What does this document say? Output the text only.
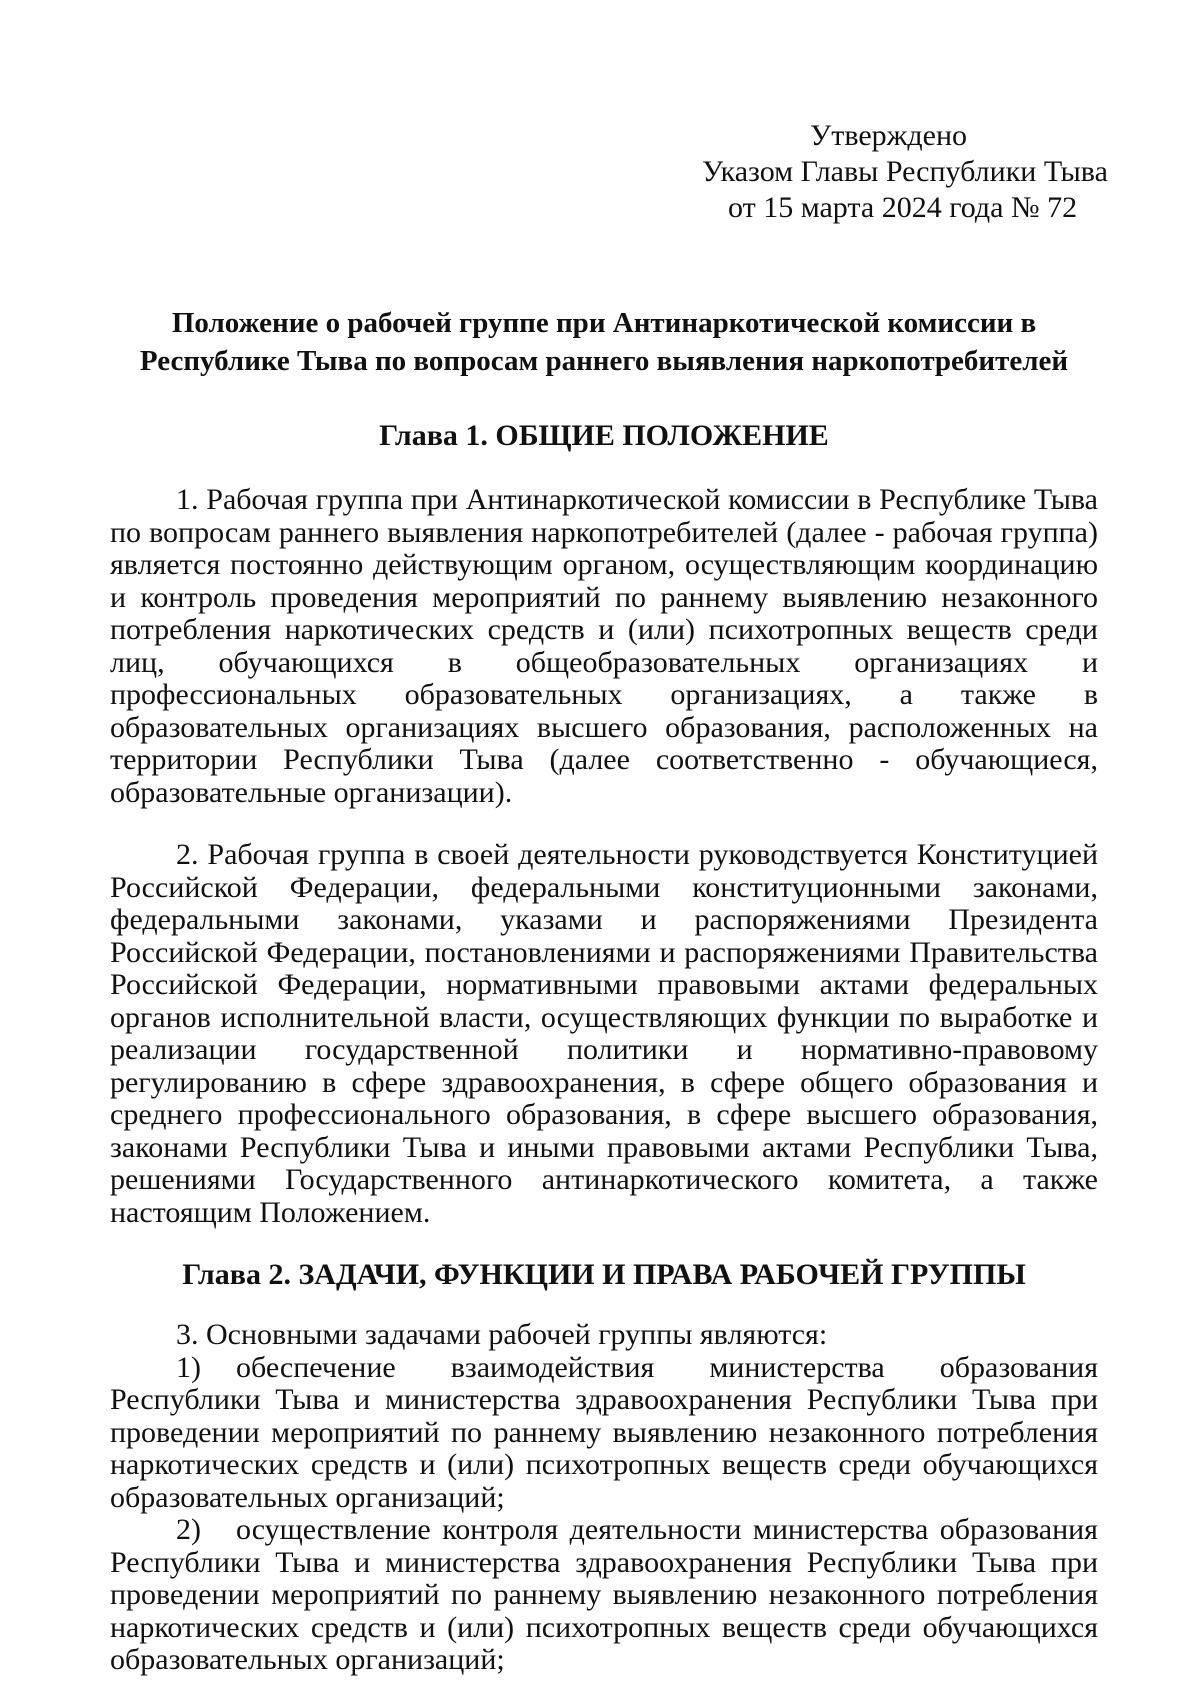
Утверждено
Указом Главы Республики Тыва
от 15 марта 2024 года № 72
Положение о рабочей группе при Антинаркотической комиссии в
Республике Тыва по вопросам раннего выявления наркопотребителей
Глава 1. ОБЩИЕ ПОЛОЖЕНИЕ
1. Рабочая группа при Антинаркотической комиссии в Республике Тыва по вопросам раннего выявления наркопотребителей (далее - рабочая группа) является постоянно действующим органом, осуществляющим координацию и контроль проведения мероприятий по раннему выявлению незаконного потребления наркотических средств и (или) психотропных веществ среди лиц, обучающихся в общеобразовательных организациях и профессиональных образовательных организациях, а также в образовательных организациях высшего образования, расположенных на территории Республики Тыва (далее соответственно - обучающиеся, образовательные организации).
2. Рабочая группа в своей деятельности руководствуется Конституцией Российской Федерации, федеральными конституционными законами, федеральными законами, указами и распоряжениями Президента Российской Федерации, постановлениями и распоряжениями Правительства Российской Федерации, нормативными правовыми актами федеральных органов исполнительной власти, осуществляющих функции по выработке и реализации государственной политики и нормативно-правовому регулированию в сфере здравоохранения, в сфере общего образования и среднего профессионального образования, в сфере высшего образования, законами Республики Тыва и иными правовыми актами Республики Тыва, решениями Государственного антинаркотического комитета, а также настоящим Положением.
Глава 2. ЗАДАЧИ, ФУНКЦИИ И ПРАВА РАБОЧЕЙ ГРУППЫ
3. Основными задачами рабочей группы являются:
1) обеспечение взаимодействия министерства образования Республики Тыва и министерства здравоохранения Республики Тыва при проведении мероприятий по раннему выявлению незаконного потребления наркотических средств и (или) психотропных веществ среди обучающихся образовательных организаций;
2) осуществление контроля деятельности министерства образования Республики Тыва и министерства здравоохранения Республики Тыва при проведении мероприятий по раннему выявлению незаконного потребления наркотических средств и (или) психотропных веществ среди обучающихся образовательных организаций;
